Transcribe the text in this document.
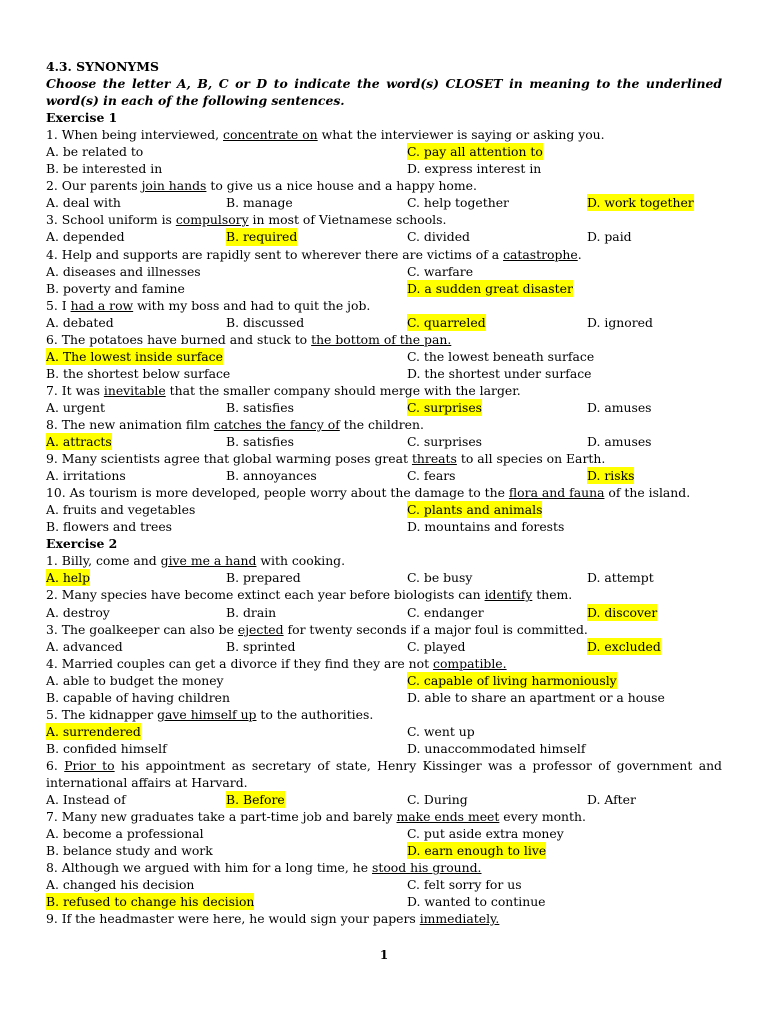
4.3. SYNONYMS
Choose the letter A, B, C or D to indicate the word(s) CLOSET in meaning to the underlined word(s) in each of the following sentences.
Exercise 1
1. When being interviewed, concentrate on what the interviewer is saying or asking you.
A. be related to	C. pay all attention to
B. be interested in	D. express interest in
2. Our parents join hands to give us a nice house and a happy home.
A. deal with	B. manage	C. help together	D. work together
3. School uniform is compulsory in most of Vietnamese schools.
A. depended	B. required	C. divided	D. paid
4. Help and supports are rapidly sent to wherever there are victims of a catastrophe.
A. diseases and illnesses	C. warfare
B. poverty and famine	D. a sudden great disaster
5. I had a row with my boss and had to quit the job.
A. debated	B. discussed	C. quarreled	D. ignored
6. The potatoes have burned and stuck to the bottom of the pan.
A. The lowest inside surface	C. the lowest beneath surface
B. the shortest below surface	D. the shortest under surface
7. It was inevitable that the smaller company should merge with the larger.
A. urgent	B. satisfies	C. surprises	D. amuses
8. The new animation film catches the fancy of the children.
A. attracts	B. satisfies	C. surprises	D. amuses
9. Many scientists agree that global warming poses great threats to all species on Earth.
A. irritations	B. annoyances	C. fears	D. risks
10. As tourism is more developed, people worry about the damage to the flora and fauna of the island.
A. fruits and vegetables	C. plants and animals
B. flowers and trees	D. mountains and forests
Exercise 2
1. Billy, come and give me a hand with cooking.
A. help	B. prepared	C. be busy	D. attempt
2. Many species have become extinct each year before biologists can identify them.
A. destroy	B. drain	C. endanger	D. discover
3. The goalkeeper can also be ejected for twenty seconds if a major foul is committed.
A. advanced	B. sprinted	C. played	D. excluded
4. Married couples can get a divorce if they find they are not compatible.
A. able to budget the money	C. capable of living harmoniously
B. capable of having children	D. able to share an apartment or a house
5. The kidnapper gave himself up to the authorities.
A. surrendered	C. went up
B. confided himself	D. unaccommodated himself
6. Prior to his appointment as secretary of state, Henry Kissinger was a professor of government and international affairs at Harvard.
A. Instead of	B. Before	C. During	D. After
7. Many new graduates take a part-time job and barely make ends meet every month.
A. become a professional	C. put aside extra money
B. belance study and work	D. earn enough to live
8. Although we argued with him for a long time, he stood his ground.
A. changed his decision	C. felt sorry for us
B. refused to change his decision	D. wanted to continue
9. If the headmaster were here, he would sign your papers immediately.
1
